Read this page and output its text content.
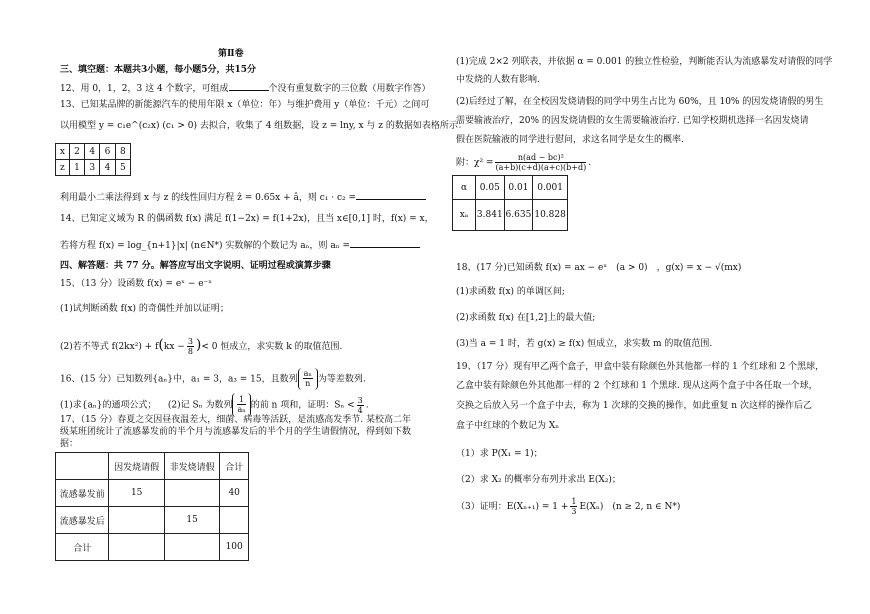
第Ⅱ卷
三、填空题：本题共3小题，每小题5分，共15分
12、用 0，1，2，3 这 4 个数字，可组成	个没有重复数字的三位数（用数字作答）
13、已知某品牌的新能源汽车的使用年限 x（单位：年）与维护费用 y（单位：千元）之间可
以用模型 y = c₁e^(c₂x) (c₁ > 0) 去拟合，收集了 4 组数据，设 z = lny, x 与 z 的数据如表格所示：
x	2	4	6	8
z	1	3	4	5
利用最小二乘法得到 x 与 z 的线性回归方程 ẑ = 0.65x + â，则 c₁ · c₂ =
14、已知定义域为 R 的偶函数 f(x) 满足 f(1−2x) = f(1+2x)，且当 x∈[0,1] 时，f(x) = x，
若将方程 f(x) = log_{n+1}|x| (n∈N*) 实数解的个数记为 aₙ，则 aₙ =
四、解答题：共 77 分。解答应写出文字说明、证明过程或演算步骤
15、（13 分）设函数 f(x) = eˣ − e⁻ˣ
(1)试判断函数 f(x) 的奇偶性并加以证明；
(2)若不等式 $f(2kx^2) + f(kx - \frac{3}{8}$ )< 0 恒成立，求实数 k 的取值范围.
16、(15 分）已知数列{aₙ}中，a₁ = 3，a₃ = 15，且数列 $\frac{\text{aₙ}}{n}$ 为等差数列.
(1)求{aₙ}的通项公式； (2)记 Sₙ 为数列 $\frac{1}{\text{aₙ}}$ 的前 n 项和，证明：$S_n < \frac{3}{4}$ .
17、（15 分）春夏之交因昼夜温差大，细菌、病毒等活跃，是流感高发季节. 某校高二年
级某班团统计了流感暴发前的半个月与流感暴发后的半个月的学生请假情况，得到如下数
据：
	因发烧请假	非发烧请假	合计
流感暴发前	15		40
流感暴发后		15	
合计			100
(1)完成 2×2 列联表，并依据 α = 0.001 的独立性检验，判断能否认为流感暴发对请假的同学
中发烧的人数有影响.
(2)后经过了解，在全校因发烧请假的同学中男生占比为 60%，且 10% 的因发烧请假的男生
需要输液治疗，20% 的因发烧请假的女生需要输液治疗. 已知学校期机选择一名因发烧请
假在医院输液的同学进行慰问，求这名同学是女生的概率.
附：$\chi^2 = \frac{\text{n(ad − bc)²}}{(a+b)(c+d)(a+c)(b+d)}$ .
α	0.05	0.01	0.001
xₐ	3.841	6.635	10.828
18、(17 分)已知函数 f(x) = ax − eˣ　(a > 0)　，g(x) = x − √(mx)
(1)求函数 f(x) 的单调区间;
(2)求函数 f(x) 在[1,2]上的最大值;
(3)当 a = 1 时，若 g(x) ≥ f(x) 恒成立，求实数 m 的取值范围.
19、（17 分）现有甲乙两个盒子，甲盒中装有除颜色外其他都一样的 1 个红球和 2 个黑球，
乙盒中装有除颜色外其他都一样的 2 个红球和 1 个黑球. 现从这两个盒子中各任取一个球，
交换之后放入另一个盒子中去，称为 1 次球的交换的操作，如此重复 n 次这样的操作后乙
盒子中红球的个数记为 Xₙ
（1）求 P(X₁ = 1)；
（2）求 X₂ 的概率分布列并求出 E(X₂)；
（3）证明：$E(X_{n+1}) = 1 + \frac{1}{3} E(X_n)$　(n ≥ 2, n ∈ N*)
